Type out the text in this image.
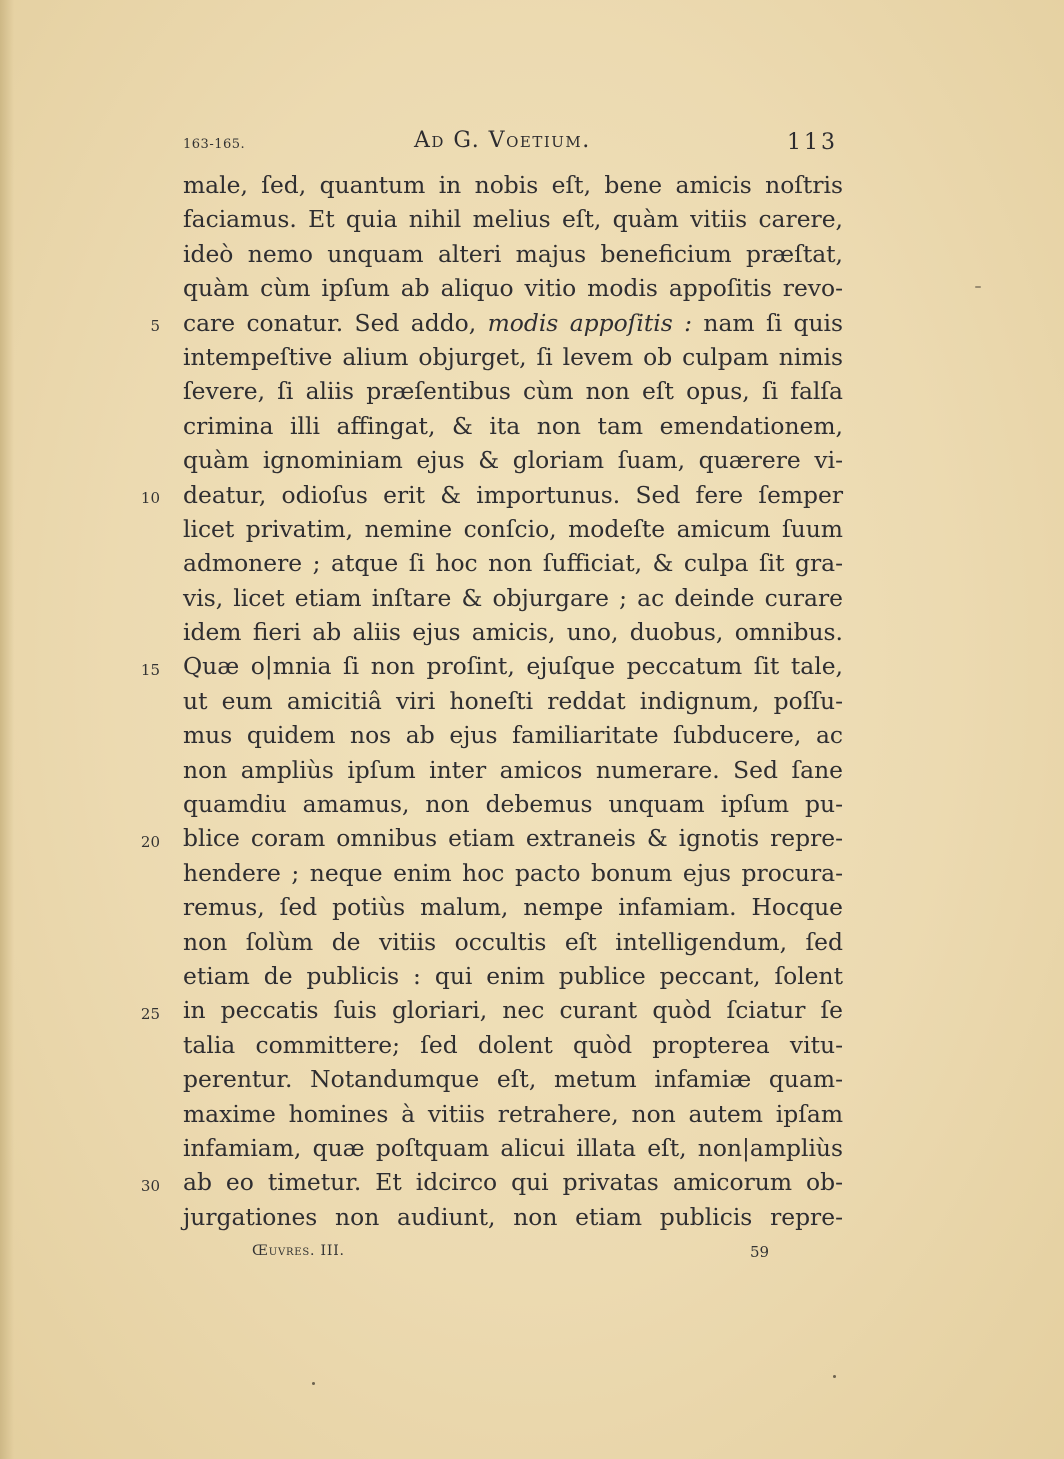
163-165.	Ad G. Voetium.	113
male, ſed, quantum in nobis eſt, bene amicis noſtris
faciamus. Et quia nihil melius eſt, quàm vitiis carere,
ideò nemo unquam alteri majus beneficium præſtat,
quàm cùm ipſum ab aliquo vitio modis appoſitis revo-
care conatur. Sed addo, modis appoſitis : nam ſi quis
intempeſtive alium objurget, ſi levem ob culpam nimis
ſevere, ſi aliis præſentibus cùm non eſt opus, ſi falſa
crimina illi affingat, & ita non tam emendationem,
quàm ignominiam ejus & gloriam ſuam, quærere vi-
deatur, odioſus erit & importunus. Sed fere ſemper
licet privatim, nemine conſcio, modeſte amicum ſuum
admonere ; atque ſi hoc non ſufficiat, & culpa ſit gra-
vis, licet etiam inſtare & objurgare ; ac deinde curare
idem fieri ab aliis ejus amicis, uno, duobus, omnibus.
Quæ o|mnia ſi non proſint, ejuſque peccatum ſit tale,
ut eum amicitiâ viri honeſti reddat indignum, poſſu-
mus quidem nos ab ejus familiaritate ſubducere, ac
non ampliùs ipſum inter amicos numerare. Sed ſane
quamdiu amamus, non debemus unquam ipſum pu-
blice coram omnibus etiam extraneis & ignotis repre-
hendere ; neque enim hoc pacto bonum ejus procura-
remus, ſed potiùs malum, nempe infamiam. Hocque
non ſolùm de vitiis occultis eſt intelligendum, ſed
etiam de publicis : qui enim publice peccant, ſolent
in peccatis ſuis gloriari, nec curant quòd ſciatur ſe
talia committere; ſed dolent quòd propterea vitu-
perentur. Notandumque eſt, metum infamiæ quam-
maxime homines à vitiis retrahere, non autem ipſam
infamiam, quæ poſtquam alicui illata eſt, non|ampliùs
ab eo timetur. Et idcirco qui privatas amicorum ob-
jurgationes non audiunt, non etiam publicis repre-
5
10
15
20
25
30
Œuvres. III.	59
